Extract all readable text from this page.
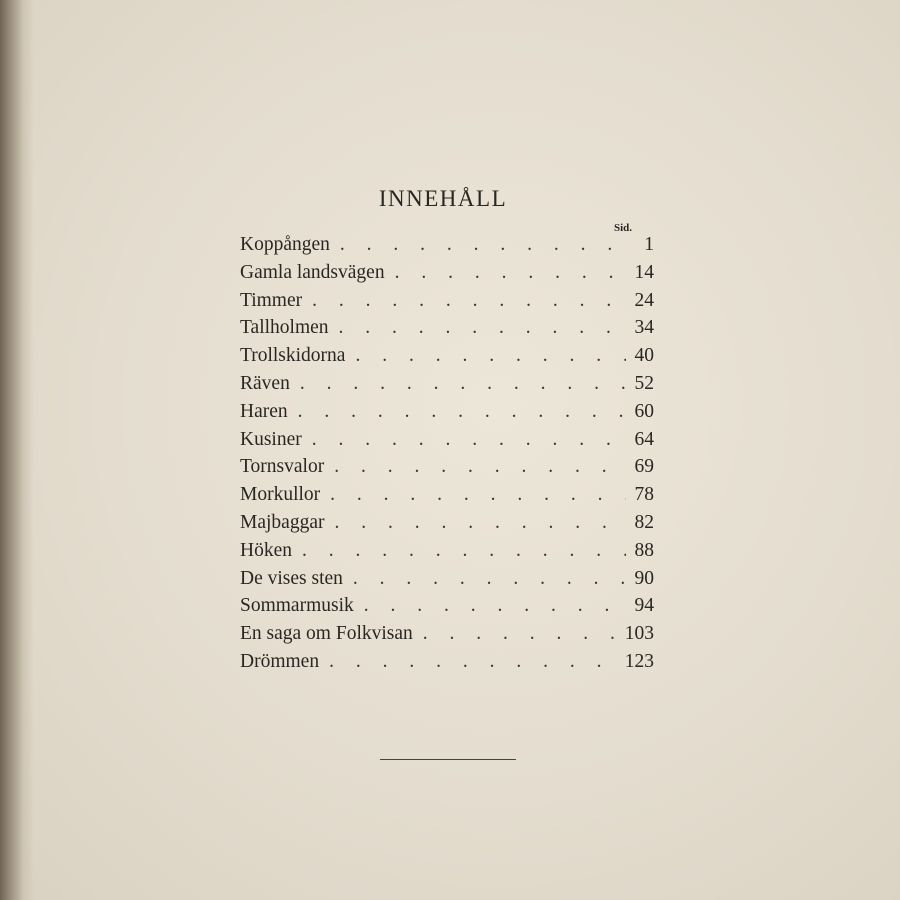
INNEHÅLL
Sid.
Koppången . . .	1
Gamla landsvägen . . .	14
Timmer . . .	24
Tallholmen . . .	34
Trollskidorna . . .	40
Räven . . .	52
Haren . . .	60
Kusiner . . .	64
Tornsvalor . . .	69
Morkullor . . .	78
Majbaggar . . .	82
Höken . . .	88
De vises sten . . .	90
Sommarmusik . . .	94
En saga om Folkvisan . . .	103
Drömmen . . .	123
